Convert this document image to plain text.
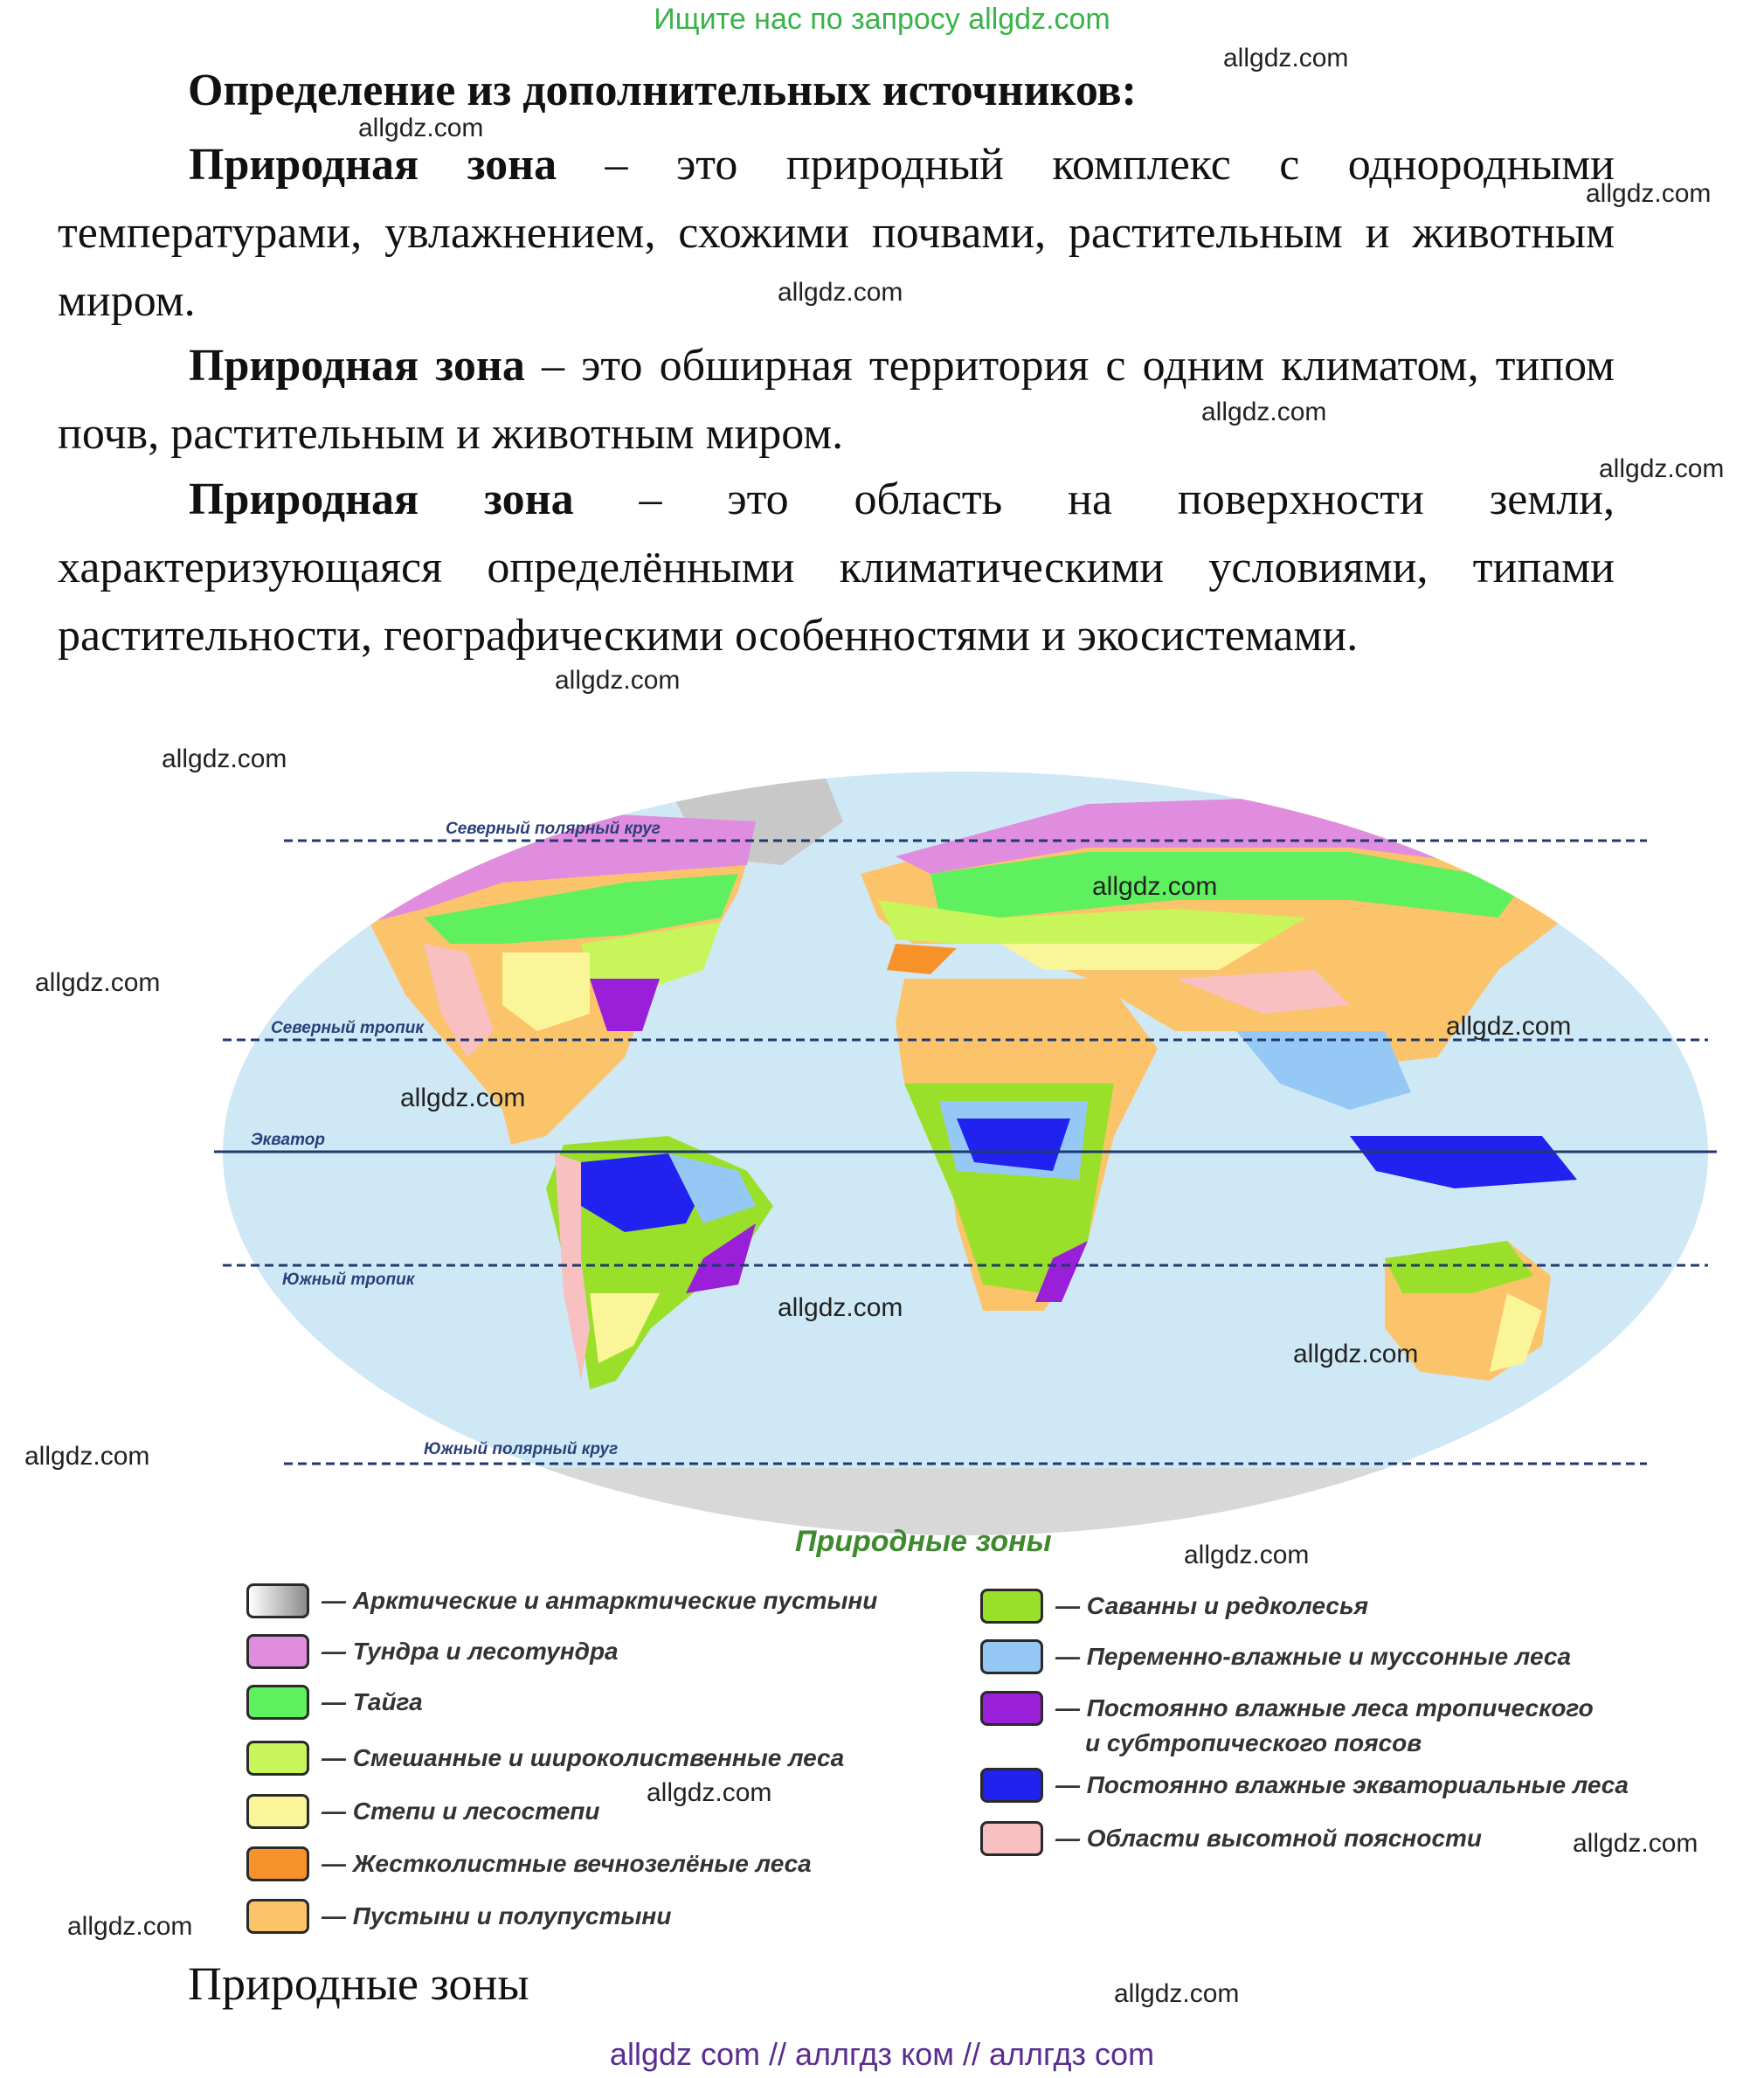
Ищите нас по запросу allgdz.com
Определение из дополнительных источников:
Природная зона – это природный комплекс с однородными температурами, увлажнением, схожими почвами, растительным и животным миром.
Природная зона – это обширная территория с одним климатом, типом почв, растительным и животным миром.
Природная зона – это область на поверхности земли, характеризующаяся определёнными климатическими условиями, типами растительности, географическими особенностями и экосистемами.
Северный полярный круг
Северный тропик
Экватор
Южный тропик
Южный полярный круг
Природные зоны
— Арктические и антарктические пустыни
— Тундра и лесотундра
— Тайга
— Смешанные и широколиственные леса
— Степи и лесостепи
— Жестколистные вечнозелёные леса
— Пустыни и полупустыни
— Саванны и редколесья
— Переменно-влажные и муссонные леса
— Постоянно влажные леса тропического
и субтропического поясов
— Постоянно влажные экваториальные леса
— Области высотной поясности
Природные зоны
allgdz.com
allgdz.com
allgdz.com
allgdz.com
allgdz.com
allgdz.com
allgdz.com
allgdz.com
allgdz.com
allgdz.com
allgdz.com
allgdz.com
allgdz.com
allgdz.com
allgdz.com
allgdz.com
allgdz.com
allgdz.com
allgdz.com
allgdz.com
allgdz com // аллгдз ком // аллгдз com
